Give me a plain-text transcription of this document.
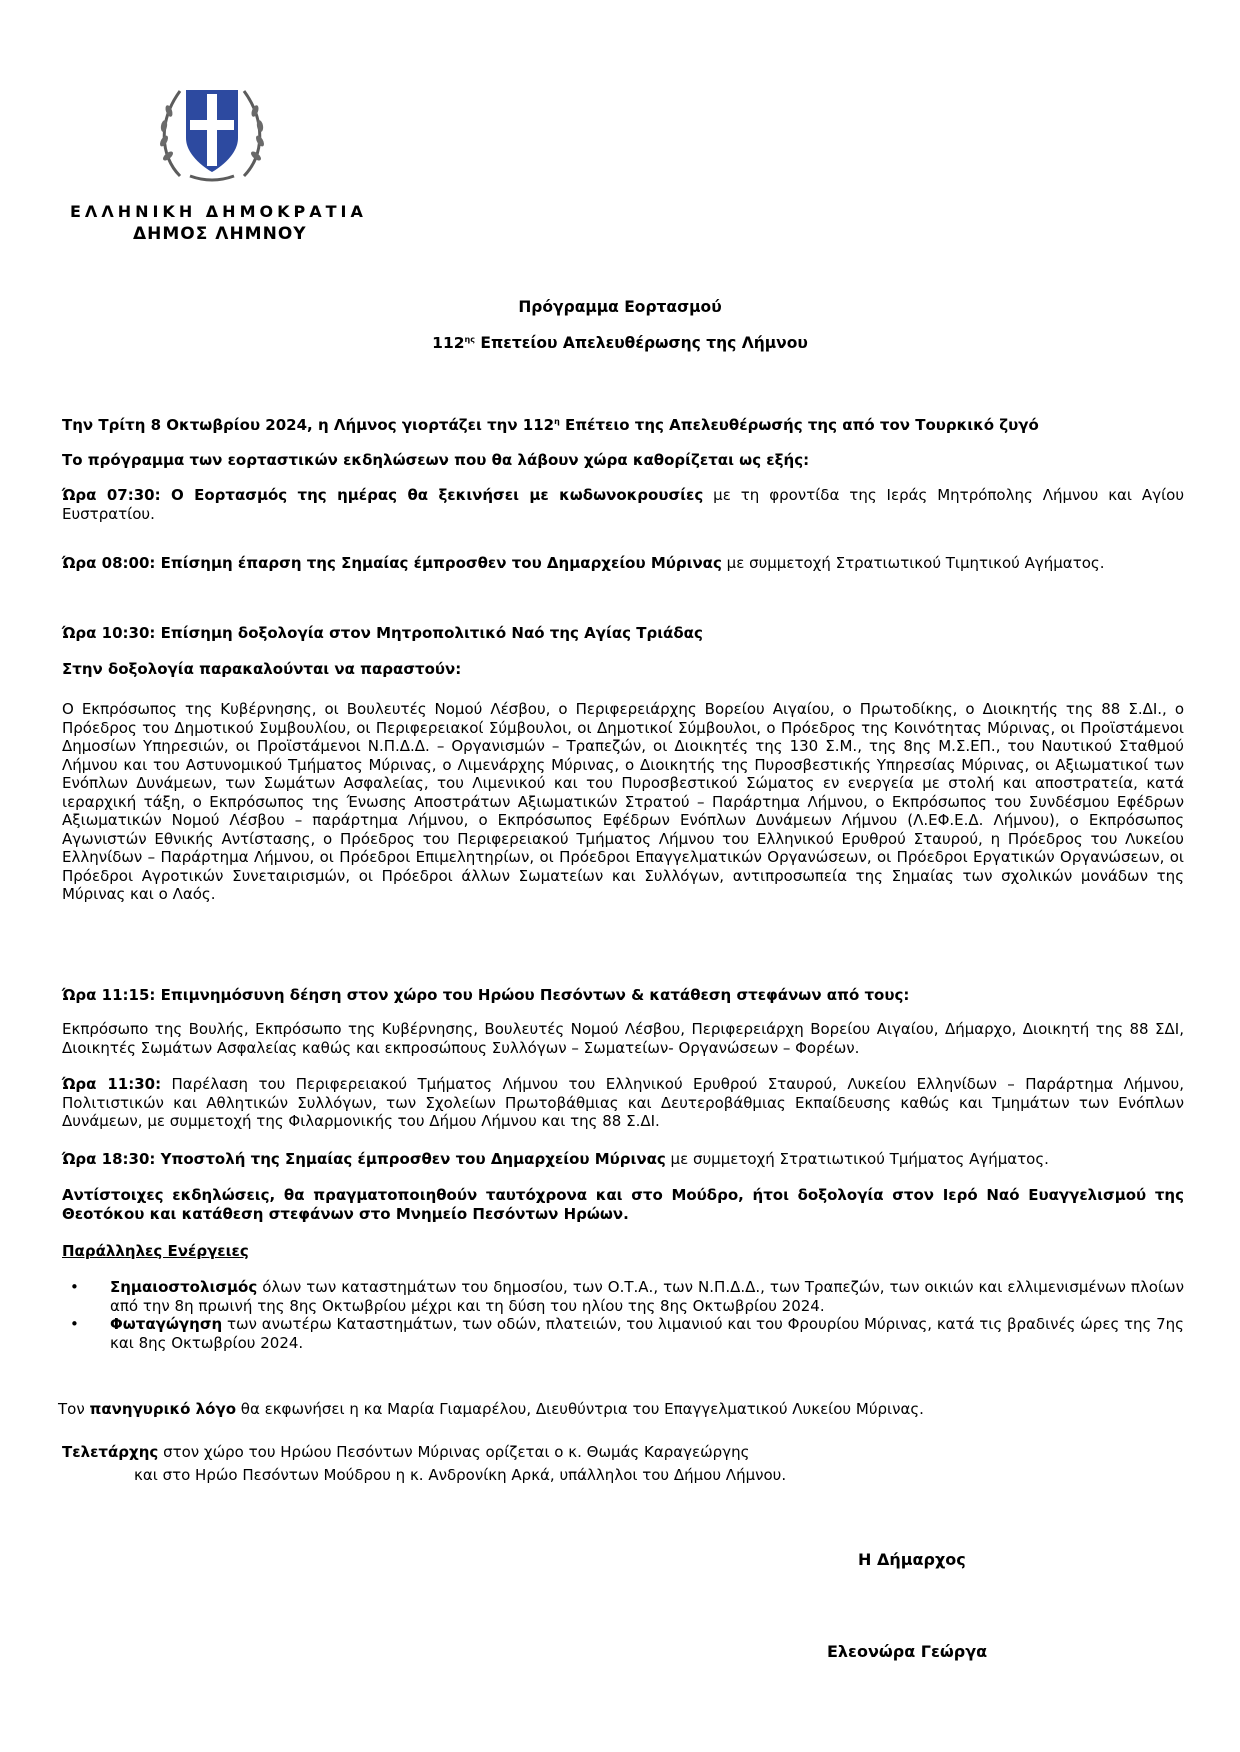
ΕΛΛΗΝΙΚΗ ΔΗΜΟΚΡΑΤΙΑ
ΔΗΜΟΣ ΛΗΜΝΟΥ
Πρόγραμμα Εορτασμού
$112^{\eta\varsigma}$ Επετείου Απελευθέρωσης της Λήμνου
Την Τρίτη 8 Οκτωβρίου 2024, η Λήμνος γιορτάζει την $112^\eta$ Επέτειο της Απελευθέρωσής της από τον Τουρκικό ζυγό
Το πρόγραμμα των εορταστικών εκδηλώσεων που θα λάβουν χώρα καθορίζεται ως εξής:
Ώρα 07:30: Ο Εορτασμός της ημέρας θα ξεκινήσει με κωδωνοκρουσίες με τη φροντίδα της Ιεράς Μητρόπολης Λήμνου και Αγίου Ευστρατίου.
Ώρα 08:00: Επίσημη έπαρση της Σημαίας έμπροσθεν του Δημαρχείου Μύρινας με συμμετοχή Στρατιωτικού Τιμητικού Αγήματος.
Ώρα 10:30: Επίσημη δοξολογία στον Μητροπολιτικό Ναό της Αγίας Τριάδας
Στην δοξολογία παρακαλούνται να παραστούν:
Ο Εκπρόσωπος της Κυβέρνησης, οι Βουλευτές Νομού Λέσβου, ο Περιφερειάρχης Βορείου Αιγαίου, ο Πρωτοδίκης, ο Διοικητής της 88 Σ.ΔΙ., ο Πρόεδρος του Δημοτικού Συμβουλίου, οι Περιφερειακοί Σύμβουλοι, οι Δημοτικοί Σύμβουλοι, ο Πρόεδρος της Κοινότητας Μύρινας, οι Προϊστάμενοι Δημοσίων Υπηρεσιών, οι Προϊστάμενοι Ν.Π.Δ.Δ. – Οργανισμών – Τραπεζών, οι Διοικητές της 130 Σ.Μ., της 8ης Μ.Σ.ΕΠ., του Ναυτικού Σταθμού Λήμνου και του Αστυνομικού Τμήματος Μύρινας, ο Λιμενάρχης Μύρινας, ο Διοικητής της Πυροσβεστικής Υπηρεσίας Μύρινας, οι Αξιωματικοί των Ενόπλων Δυνάμεων, των Σωμάτων Ασφαλείας, του Λιμενικού και του Πυροσβεστικού Σώματος εν ενεργεία με στολή και αποστρατεία, κατά ιεραρχική τάξη, ο Εκπρόσωπος της Ένωσης Αποστράτων Αξιωματικών Στρατού – Παράρτημα Λήμνου, ο Εκπρόσωπος του Συνδέσμου Εφέδρων Αξιωματικών Νομού Λέσβου – παράρτημα Λήμνου, ο Εκπρόσωπος Εφέδρων Ενόπλων Δυνάμεων Λήμνου (Λ.ΕΦ.Ε.Δ. Λήμνου), ο Εκπρόσωπος Αγωνιστών Εθνικής Αντίστασης, ο Πρόεδρος του Περιφερειακού Τμήματος Λήμνου του Ελληνικού Ερυθρού Σταυρού, η Πρόεδρος του Λυκείου Ελληνίδων – Παράρτημα Λήμνου, οι Πρόεδροι Επιμελητηρίων, οι Πρόεδροι Επαγγελματικών Οργανώσεων, οι Πρόεδροι Εργατικών Οργανώσεων, οι Πρόεδροι Αγροτικών Συνεταιρισμών, οι Πρόεδροι άλλων Σωματείων και Συλλόγων, αντιπροσωπεία της Σημαίας των σχολικών μονάδων της Μύρινας και ο Λαός.
Ώρα 11:15: Επιμνημόσυνη δέηση στον χώρο του Ηρώου Πεσόντων & κατάθεση στεφάνων από τους:
Εκπρόσωπο της Βουλής, Εκπρόσωπο της Κυβέρνησης, Βουλευτές Νομού Λέσβου, Περιφερειάρχη Βορείου Αιγαίου, Δήμαρχο, Διοικητή της 88 ΣΔΙ, Διοικητές Σωμάτων Ασφαλείας καθώς και εκπροσώπους Συλλόγων – Σωματείων- Οργανώσεων – Φορέων.
Ώρα 11:30: Παρέλαση του Περιφερειακού Τμήματος Λήμνου του Ελληνικού Ερυθρού Σταυρού, Λυκείου Ελληνίδων – Παράρτημα Λήμνου, Πολιτιστικών και Αθλητικών Συλλόγων, των Σχολείων Πρωτοβάθμιας και Δευτεροβάθμιας Εκπαίδευσης καθώς και Τμημάτων των Ενόπλων Δυνάμεων, με συμμετοχή της Φιλαρμονικής του Δήμου Λήμνου και της 88 Σ.ΔΙ.
Ώρα 18:30: Υποστολή της Σημαίας έμπροσθεν του Δημαρχείου Μύρινας με συμμετοχή Στρατιωτικού Τμήματος Αγήματος.
Αντίστοιχες εκδηλώσεις, θα πραγματοποιηθούν ταυτόχρονα και στο Μούδρο, ήτοι δοξολογία στον Ιερό Ναό Ευαγγελισμού της Θεοτόκου και κατάθεση στεφάνων στο Μνημείο Πεσόντων Ηρώων.
Παράλληλες Ενέργειες
• Σημαιοστολισμός όλων των καταστημάτων του δημοσίου, των Ο.Τ.Α., των Ν.Π.Δ.Δ., των Τραπεζών, των οικιών και ελλιμενισμένων πλοίων από την 8η πρωινή της 8ης Οκτωβρίου μέχρι και τη δύση του ηλίου της 8ης Οκτωβρίου 2024.
• Φωταγώγηση των ανωτέρω Καταστημάτων, των οδών, πλατειών, του λιμανιού και του Φρουρίου Μύρινας, κατά τις βραδινές ώρες της 7ης και 8ης Οκτωβρίου 2024.
Τον πανηγυρικό λόγο θα εκφωνήσει η κα Μαρία Γιαμαρέλου, Διευθύντρια του Επαγγελματικού Λυκείου Μύρινας.
Τελετάρχης στον χώρο του Ηρώου Πεσόντων Μύρινας ορίζεται ο κ. Θωμάς Καραγεώργης
και στο Ηρώο Πεσόντων Μούδρου η κ. Ανδρονίκη Αρκά, υπάλληλοι του Δήμου Λήμνου.
Η Δήμαρχος
Ελεονώρα Γεώργα
